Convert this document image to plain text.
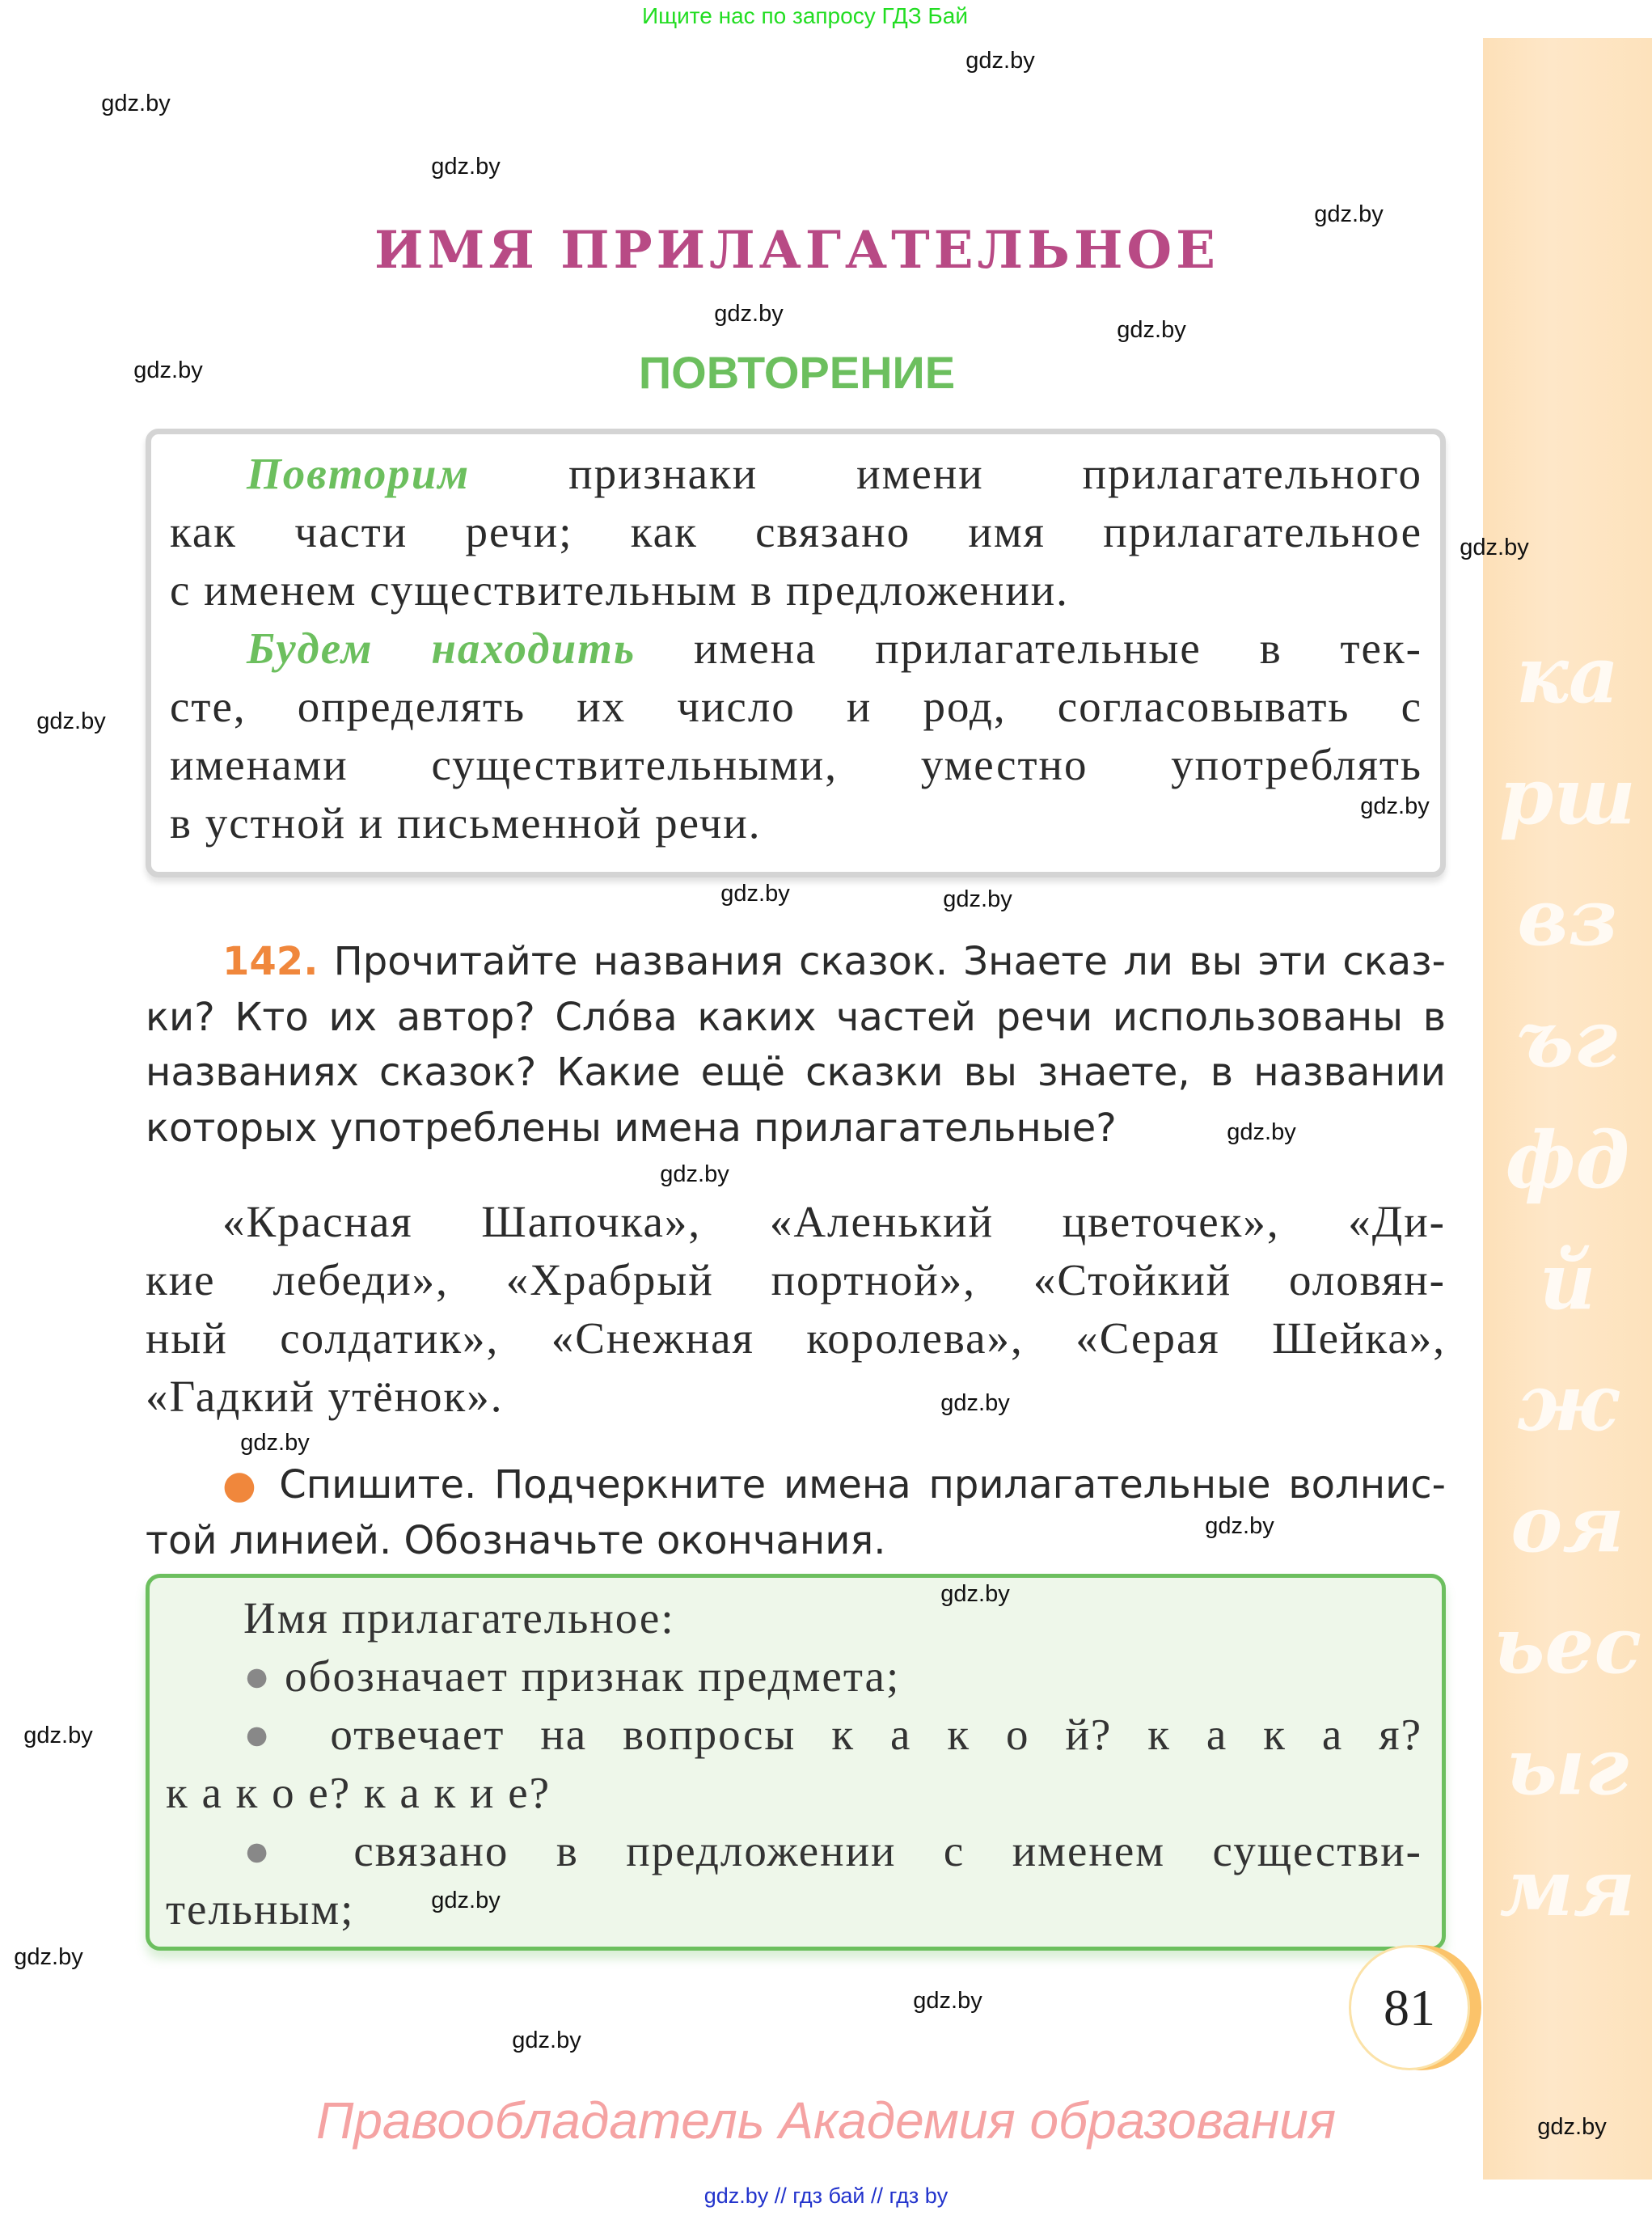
Ищите нас по запросу ГДЗ Бай
каршвзъгфдйжояьесыгмя
ИМЯ ПРИЛАГАТЕЛЬНОЕ
ПОВТОРЕНИЕ
Повторим признаки имени прилагательного
как части речи; как связано имя прилагательное
с именем существительным в предложении.
Будем находить имена прилагательные в тек-
сте, определять их число и род, согласовывать с
именами существительными, уместно употреблять
в устной и письменной речи.
142. Прочитайте названия сказок. Знаете ли вы эти сказ-
ки? Кто их автор? Сло́ва каких частей речи использованы в
названиях сказок? Какие ещё сказки вы знаете, в названии
которых употреблены имена прилагательные?
«Красная Шапочка», «Аленький цветочек», «Ди-
кие лебеди», «Храбрый портной», «Стойкий оловян-
ный солдатик», «Снежная королева», «Серая Шейка»,
«Гадкий утёнок».
● Спишите. Подчеркните имена прилагательные волнис-
той линией. Обозначьте окончания.
Имя прилагательное:
● обозначает признак предмета;
● отвечает на вопросы к а к о й? к а к а я?
к а к о е? к а к и е?
● связано в предложении с именем существи-
тельным;
81
Правообладатель Академия образования
gdz.by // гдз бай // гдз by
gdz.by
gdz.by
gdz.by
gdz.by
gdz.by
gdz.by
gdz.by
gdz.by
gdz.by
gdz.by
gdz.by	gdz.by
gdz.by
gdz.by
gdz.by
gdz.by
gdz.by
gdz.by
gdz.by
gdz.by
gdz.by
gdz.by
gdz.by
gdz.by
